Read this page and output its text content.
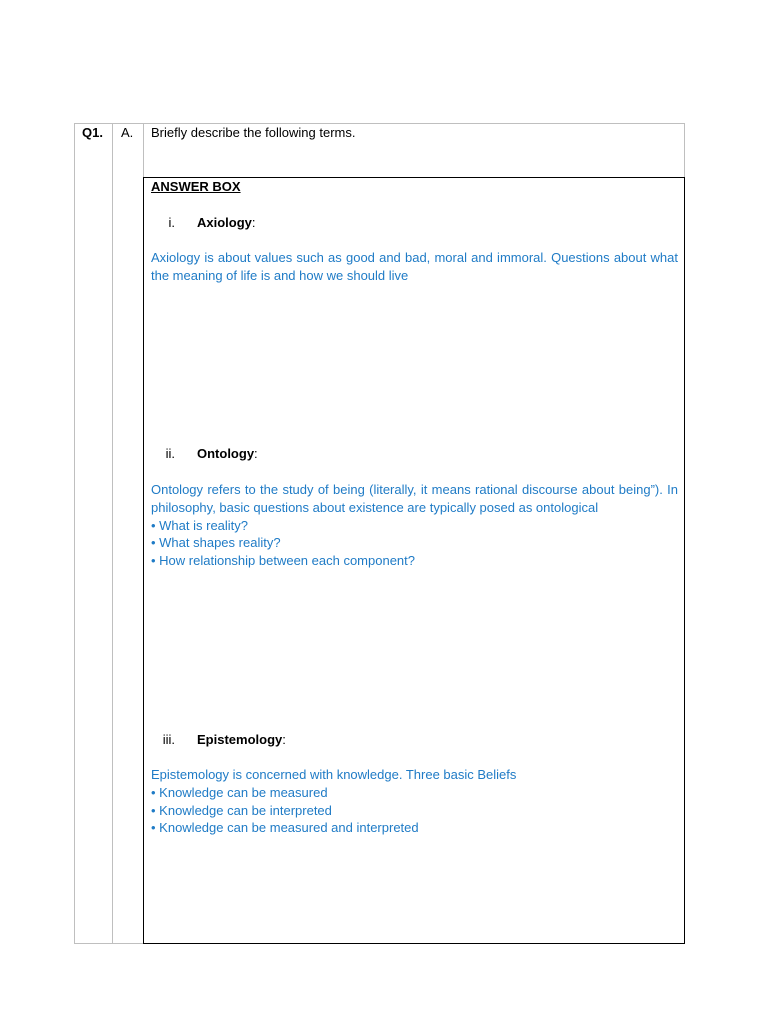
Q1. A. Briefly describe the following terms.
ANSWER BOX
i. Axiology:
Axiology is about values such as good and bad, moral and immoral. Questions about what the meaning of life is and how we should live
ii. Ontology:
Ontology refers to the study of being (literally, it means rational discourse about being”). In philosophy, basic questions about existence are typically posed as ontological
• What is reality?
• What shapes reality?
• How relationship between each component?
iii. Epistemology:
Epistemology is concerned with knowledge. Three basic Beliefs
• Knowledge can be measured
• Knowledge can be interpreted
• Knowledge can be measured and interpreted
